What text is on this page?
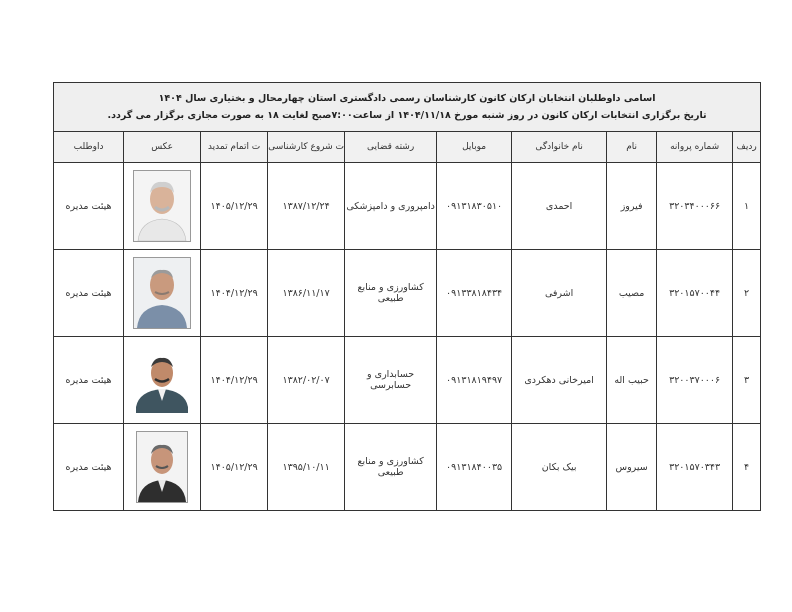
اسامی داوطلبان انتخابان ارکان کانون کارشناسان رسمی دادگستری استان چهارمحال و بختیاری سال ۱۴۰۴
تاریخ برگزاری انتخابات ارکان کانون در روز شنبه مورخ ۱۴۰۴/۱۱/۱۸ از ساعت۷:۰۰صبح لغایت ۱۸ به صورت مجازی برگزار می گردد.									

ردیف	شماره پروانه	نام	نام خانوادگی	موبایل	رشته قضایی	ت شروع کارشناسی	ت اتمام تمدید	عکس	داوطلب
۱	۳۲۰۳۴۰۰۰۶۶	فیروز	احمدی	۰۹۱۳۱۸۳۰۵۱۰	دامپروری و دامپزشکی	۱۳۸۷/۱۲/۲۴	۱۴۰۵/۱۲/۲۹		هیئت مدیره
۲	۳۲۰۱۵۷۰۰۴۴	مصیب	اشرفی	۰۹۱۳۳۸۱۸۴۳۴	کشاورزی و منابع طبیعی	۱۳۸۶/۱۱/۱۷	۱۴۰۴/۱۲/۲۹		هیئت مدیره
۳	۳۲۰۰۳۷۰۰۰۶	حبیب اله	امیرخانی دهکردی	۰۹۱۳۱۸۱۹۴۹۷	حسابداری و حسابرسی	۱۳۸۲/۰۲/۰۷	۱۴۰۴/۱۲/۲۹		هیئت مدیره
۴	۳۲۰۱۵۷۰۳۴۳	سیروس	بیک بکان	۰۹۱۳۱۸۴۰۰۳۵	کشاورزی و منابع طبیعی	۱۳۹۵/۱۰/۱۱	۱۴۰۵/۱۲/۲۹		هیئت مدیره
